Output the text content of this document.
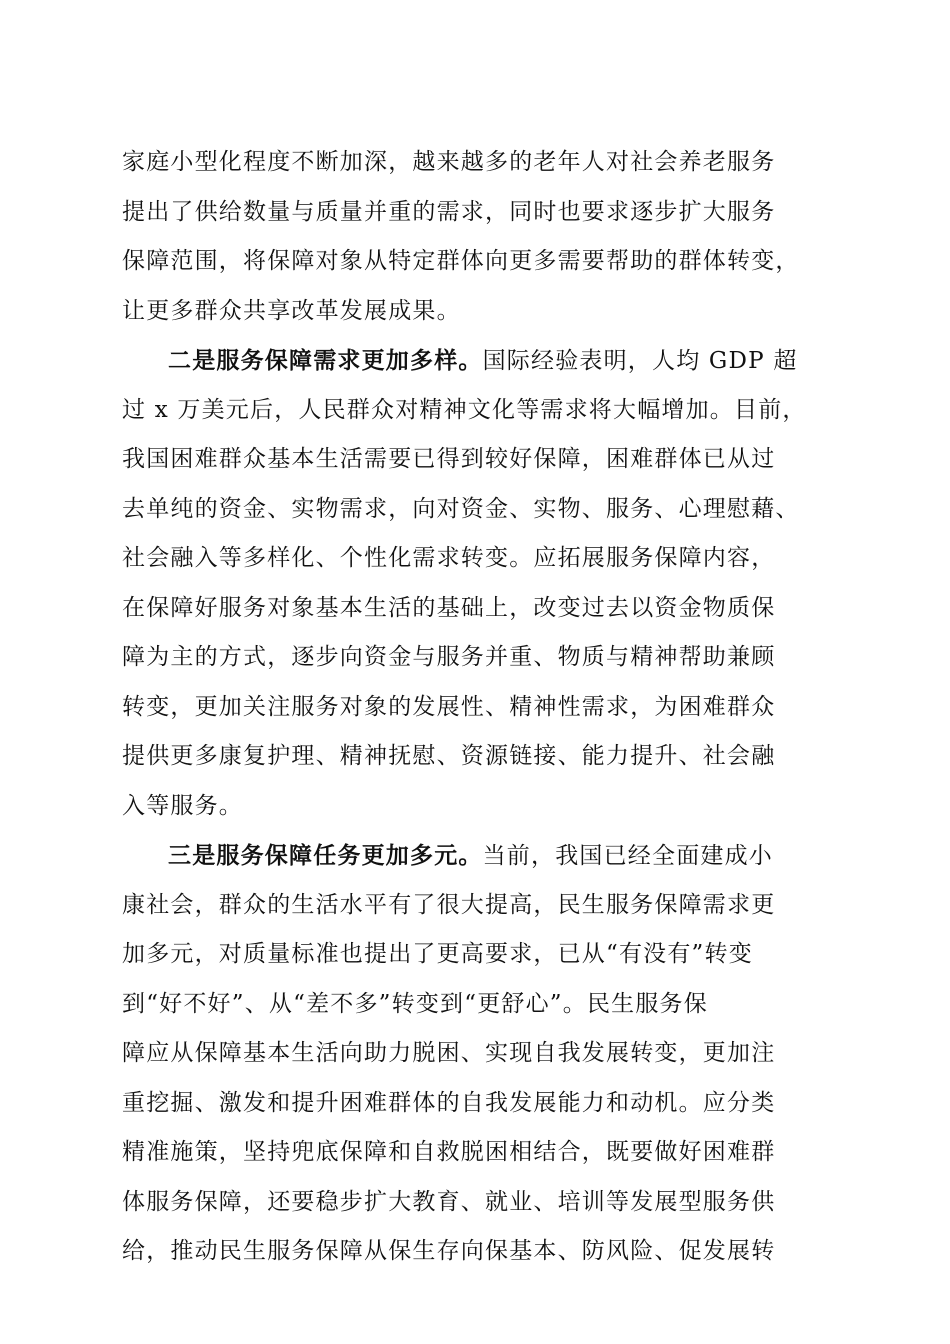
家庭小型化程度不断加深，越来越多的老年人对社会养老服务
提出了供给数量与质量并重的需求，同时也要求逐步扩大服务
保障范围，将保障对象从特定群体向更多需要帮助的群体转变，
让更多群众共享改革发展成果。
二是服务保障需求更加多样。国际经验表明，人均 GDP 超
过 x 万美元后，人民群众对精神文化等需求将大幅增加。目前，
我国困难群众基本生活需要已得到较好保障，困难群体已从过
去单纯的资金、实物需求，向对资金、实物、服务、心理慰藉、
社会融入等多样化、个性化需求转变。应拓展服务保障内容，
在保障好服务对象基本生活的基础上，改变过去以资金物质保
障为主的方式，逐步向资金与服务并重、物质与精神帮助兼顾
转变，更加关注服务对象的发展性、精神性需求，为困难群众
提供更多康复护理、精神抚慰、资源链接、能力提升、社会融
入等服务。
三是服务保障任务更加多元。当前，我国已经全面建成小
康社会，群众的生活水平有了很大提高，民生服务保障需求更
加多元，对质量标准也提出了更高要求，已从“有没有”转变
到“好不好”、从“差不多”转变到“更舒心”。民生服务保
障应从保障基本生活向助力脱困、实现自我发展转变，更加注
重挖掘、激发和提升困难群体的自我发展能力和动机。应分类
精准施策，坚持兜底保障和自救脱困相结合，既要做好困难群
体服务保障，还要稳步扩大教育、就业、培训等发展型服务供
给，推动民生服务保障从保生存向保基本、防风险、促发展转
